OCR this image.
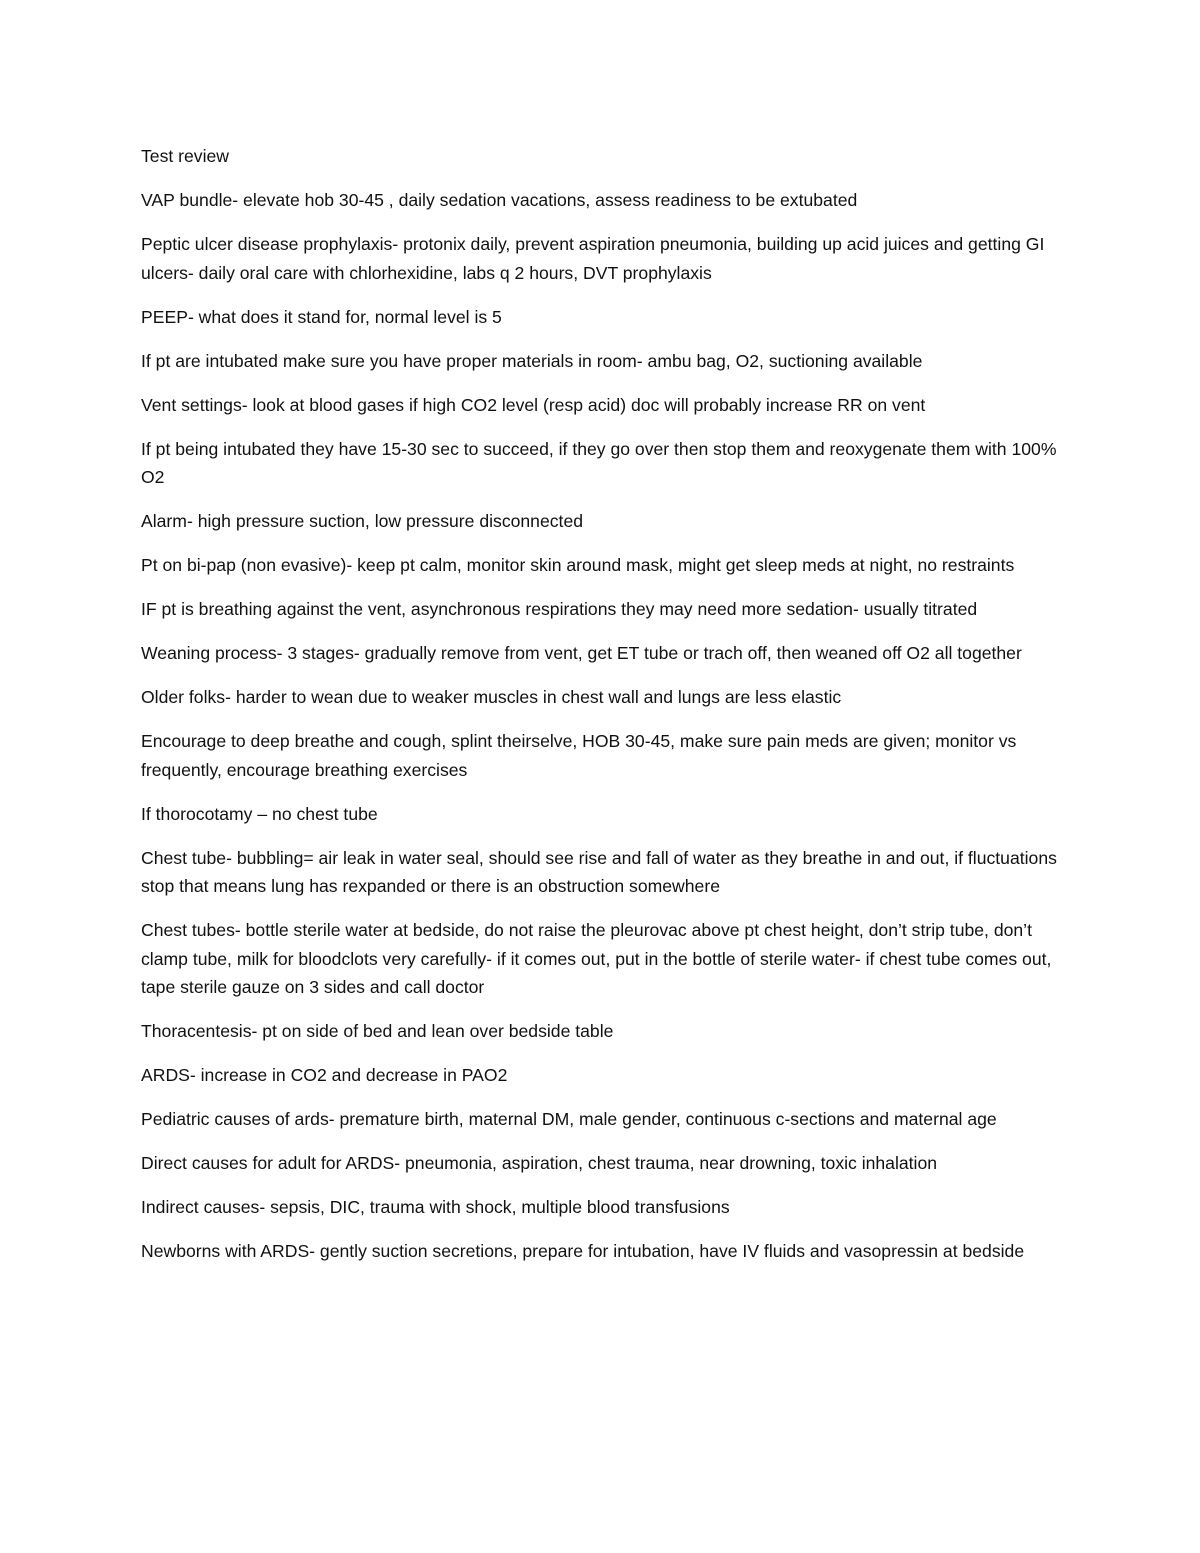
Test review

VAP bundle- elevate hob 30-45 , daily sedation vacations, assess readiness to be extubated

Peptic ulcer disease prophylaxis- protonix daily, prevent aspiration pneumonia, building up acid juices and getting GI ulcers- daily oral care with chlorhexidine, labs q 2 hours, DVT prophylaxis

PEEP- what does it stand for, normal level is 5

If pt are intubated make sure you have proper materials in room- ambu bag, O2, suctioning available

Vent settings- look at blood gases if high CO2 level (resp acid) doc will probably increase RR on vent

If pt being intubated they have 15-30 sec to succeed, if they go over then stop them and reoxygenate them with 100% O2

Alarm- high pressure suction, low pressure disconnected

Pt on bi-pap (non evasive)- keep pt calm, monitor skin around mask, might get sleep meds at night, no restraints

IF pt is breathing against the vent, asynchronous respirations they may need more sedation- usually titrated

Weaning process- 3 stages- gradually remove from vent, get ET tube or trach off, then weaned off O2 all together

Older folks- harder to wean due to weaker muscles in chest wall and lungs are less elastic

Encourage to deep breathe and cough, splint theirselve, HOB 30-45, make sure pain meds are given; monitor vs frequently, encourage breathing exercises

If thorocotamy – no chest tube

Chest tube- bubbling= air leak in water seal, should see rise and fall of water as they breathe in and out, if fluctuations stop that means lung has rexpanded or there is an obstruction somewhere

Chest tubes- bottle sterile water at bedside, do not raise the pleurovac above pt chest height, don’t strip tube, don’t clamp tube, milk for bloodclots very carefully- if it comes out, put in the bottle of sterile water- if chest tube comes out, tape sterile gauze on 3 sides and call doctor

Thoracentesis- pt on side of bed and lean over bedside table

ARDS- increase in CO2 and decrease in PAO2

Pediatric causes of ards- premature birth, maternal DM, male gender, continuous c-sections and maternal age

Direct causes for adult for ARDS- pneumonia, aspiration, chest trauma, near drowning, toxic inhalation

Indirect causes- sepsis, DIC, trauma with shock, multiple blood transfusions

Newborns with ARDS- gently suction secretions, prepare for intubation, have IV fluids and vasopressin at bedside
